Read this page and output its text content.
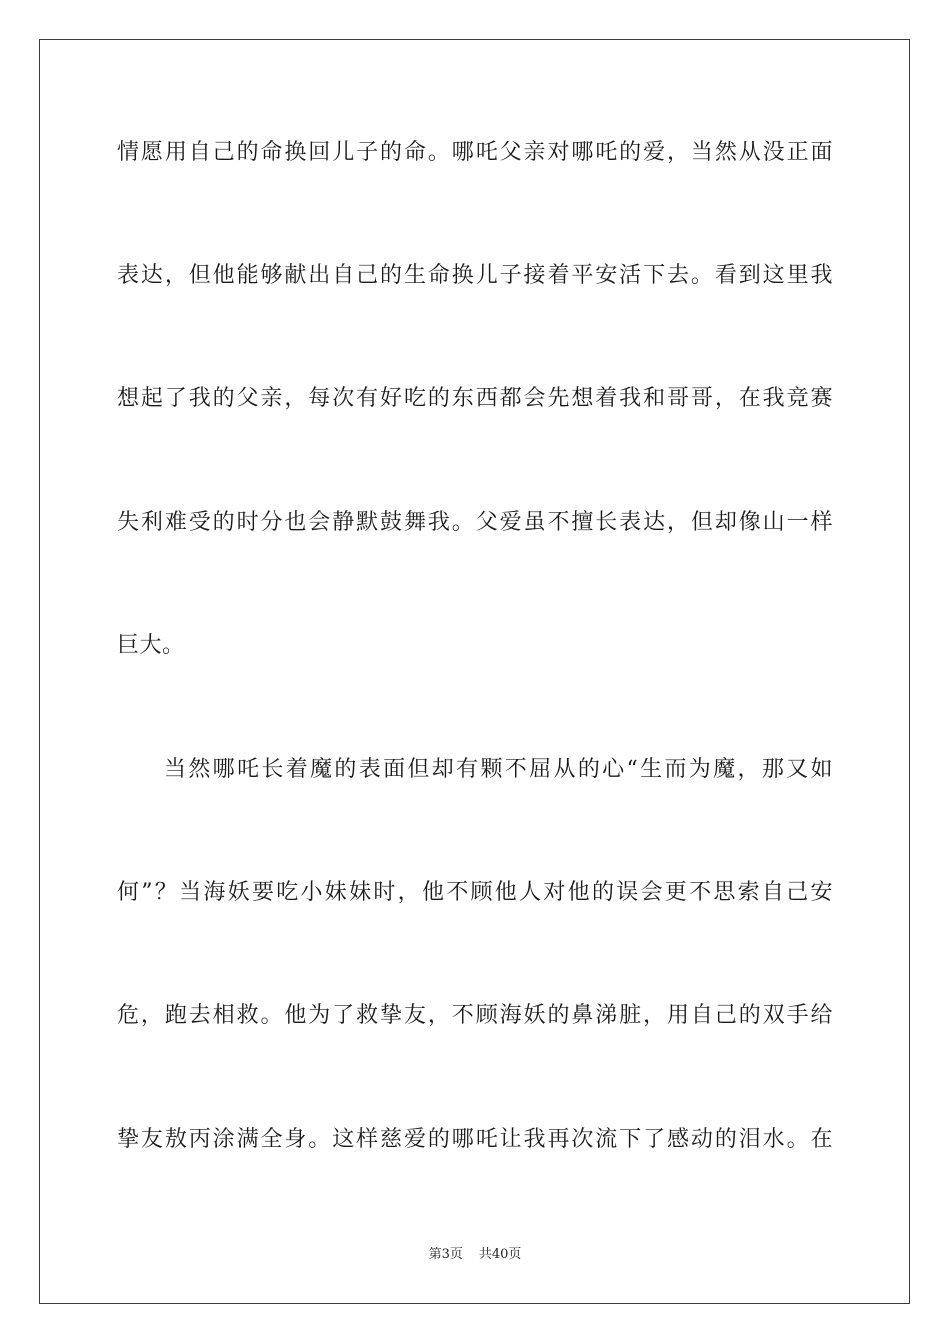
情愿用自己的命换回儿子的命。哪吒父亲对哪吒的爱，当然从没正面
表达，但他能够献出自己的生命换儿子接着平安活下去。看到这里我
想起了我的父亲，每次有好吃的东西都会先想着我和哥哥，在我竞赛
失利难受的时分也会静默鼓舞我。父爱虽不擅长表达，但却像山一样
巨大。
当然哪吒长着魔的表面但却有颗不屈从的心“生而为魔，那又如
何”？当海妖要吃小妹妹时，他不顾他人对他的误会更不思索自己安
危，跑去相救。他为了救挚友，不顾海妖的鼻涕脏，用自己的双手给
挚友敖丙涂满全身。这样慈爱的哪吒让我再次流下了感动的泪水。在
第3页 共40页
